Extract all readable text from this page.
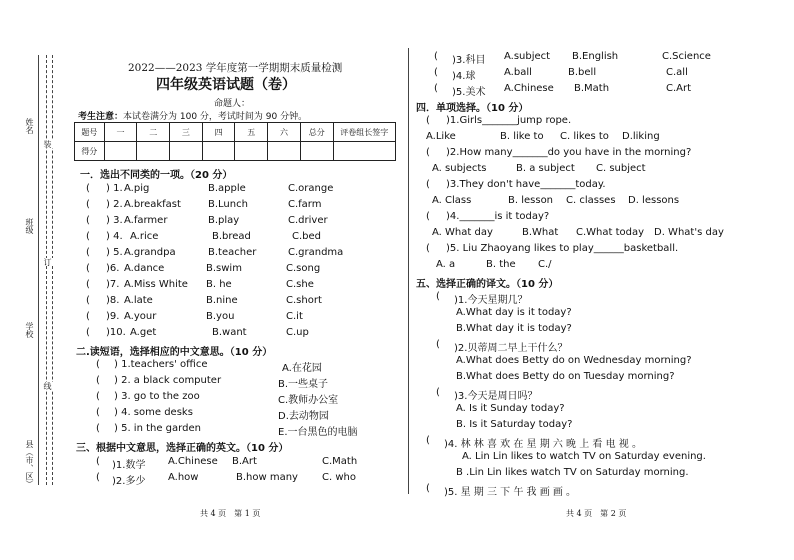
姓名
班级
学校
县（市、区）
装
订
线
2022——2023 学年度第一学期期末质量检测
四年级英语试题（卷）
命题人：
考生注意：本试卷满分为 100 分，考试时间为 90 分钟。
题号	一	二	三	四	五	六	总分	评卷组长签字
得分								
一．选出不同类的一项。（20 分）
( ) 1. A.pig	B.apple	C.orange
( ) 2. A.breakfast	B.Lunch	C.farm
( ) 3. A.farmer	B.play	C.driver
( ) 4. A.rice	B.bread	C.bed
( ) 5. A.grandpa	B.teacher	C.grandma
( )6. A.dance	B.swim	C.song
( )7. A.Miss White B. he	C.she
( )8. A.late	B.nine	C.short
( )9. A.your	B.you	C.it
( )10. A.get	B.want	C.up
二.读短语，选择相应的中文意思。（10 分）
( ) 1.teachers' office	A.在花园
( ) 2. a black computer	B.一些桌子
( ) 3. go to the zoo	C.教师办公室
( ) 4. some desks	D.去动物园
( ) 5. in the garden	E.一台黑色的电脑
三、根据中文意思，选择正确的英文。（10 分）
( )1.数学 A.Chinese B.Art	C.Math
( )2.多少 A.how	B.how many C. who
共 4 页　第 1 页
( )3.科目 A.subject B.English	C.Science
( )4.球	A.ball	B.bell	C.all
( )5.美术 A.Chinese B.Math	C.Art
四．单项选择。（10 分）
( )1.Girls_______jump rope.
A.Like	B. like to C. likes to D.liking
( )2.How many_______do you have in the morning?
A. subjects	B. a subject C. subject
( )3.They don't have_______today.
A. Class	B. lesson C. classes D. lessons
( )4._______is it today?
A. What day	B.What C.What today D. What's day
( )5. Liu Zhaoyang likes to play______basketball.
A. a	B. the C./
五、选择正确的译文。（10 分）
( )1.今天星期几？
A.What day is it today?
B.What day it is today?
( )2.贝蒂周二早上干什么？
A.What does Betty do on Wednesday morning?
B.What does Betty do on Tuesday morning?
( )3.今天是周日吗？
A. Is it Sunday today?
B. Is it Saturday today?
( )4. 林 林 喜 欢 在 星 期 六 晚 上 看 电 视 。
A. Lin Lin likes to watch TV on Saturday evening.
B .Lin Lin likes watch TV on Saturday morning.
( )5. 星 期 三 下 午 我 画 画 。
共 4 页　第 2 页
